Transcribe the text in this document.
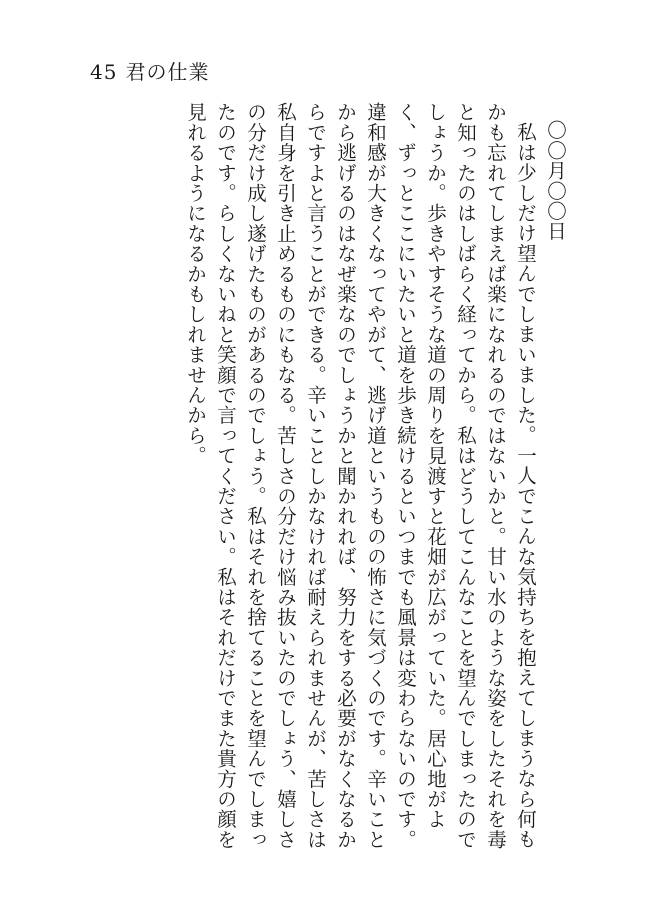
45 君の仕業

〇〇月〇〇日

私は少しだけ望んでしまいました。一人でこんな気持ちを抱えてしまうなら何もかも忘れてしまえば楽になれるのではないかと。甘い水のような姿をしたそれを毒と知ったのはしばらく経ってから。私はどうしてこんなことを望んでしまったのでしょうか。歩きやすそうな道の周りを見渡すと花畑が広がっていた。居心地がよく、ずっとここにいたいと道を歩き続けるといつまでも風景は変わらないのです。違和感が大きくなってやがて、逃げ道というものの怖さに気づくのです。辛いことから逃げるのはなぜ楽なのでしょうかと聞かれれば、努力をする必要がなくなるからですよと言うことができる。辛いことしかなければ耐えられませんが、苦しさは私自身を引き止めるものにもなる。苦しさの分だけ悩み抜いたのでしょう、嬉しさの分だけ成し遂げたものがあるのでしょう。私はそれを捨てることを望んでしまったのです。らしくないねと笑顔で言ってください。私はそれだけでまた貴方の顔を見れるようになるかもしれませんから。
